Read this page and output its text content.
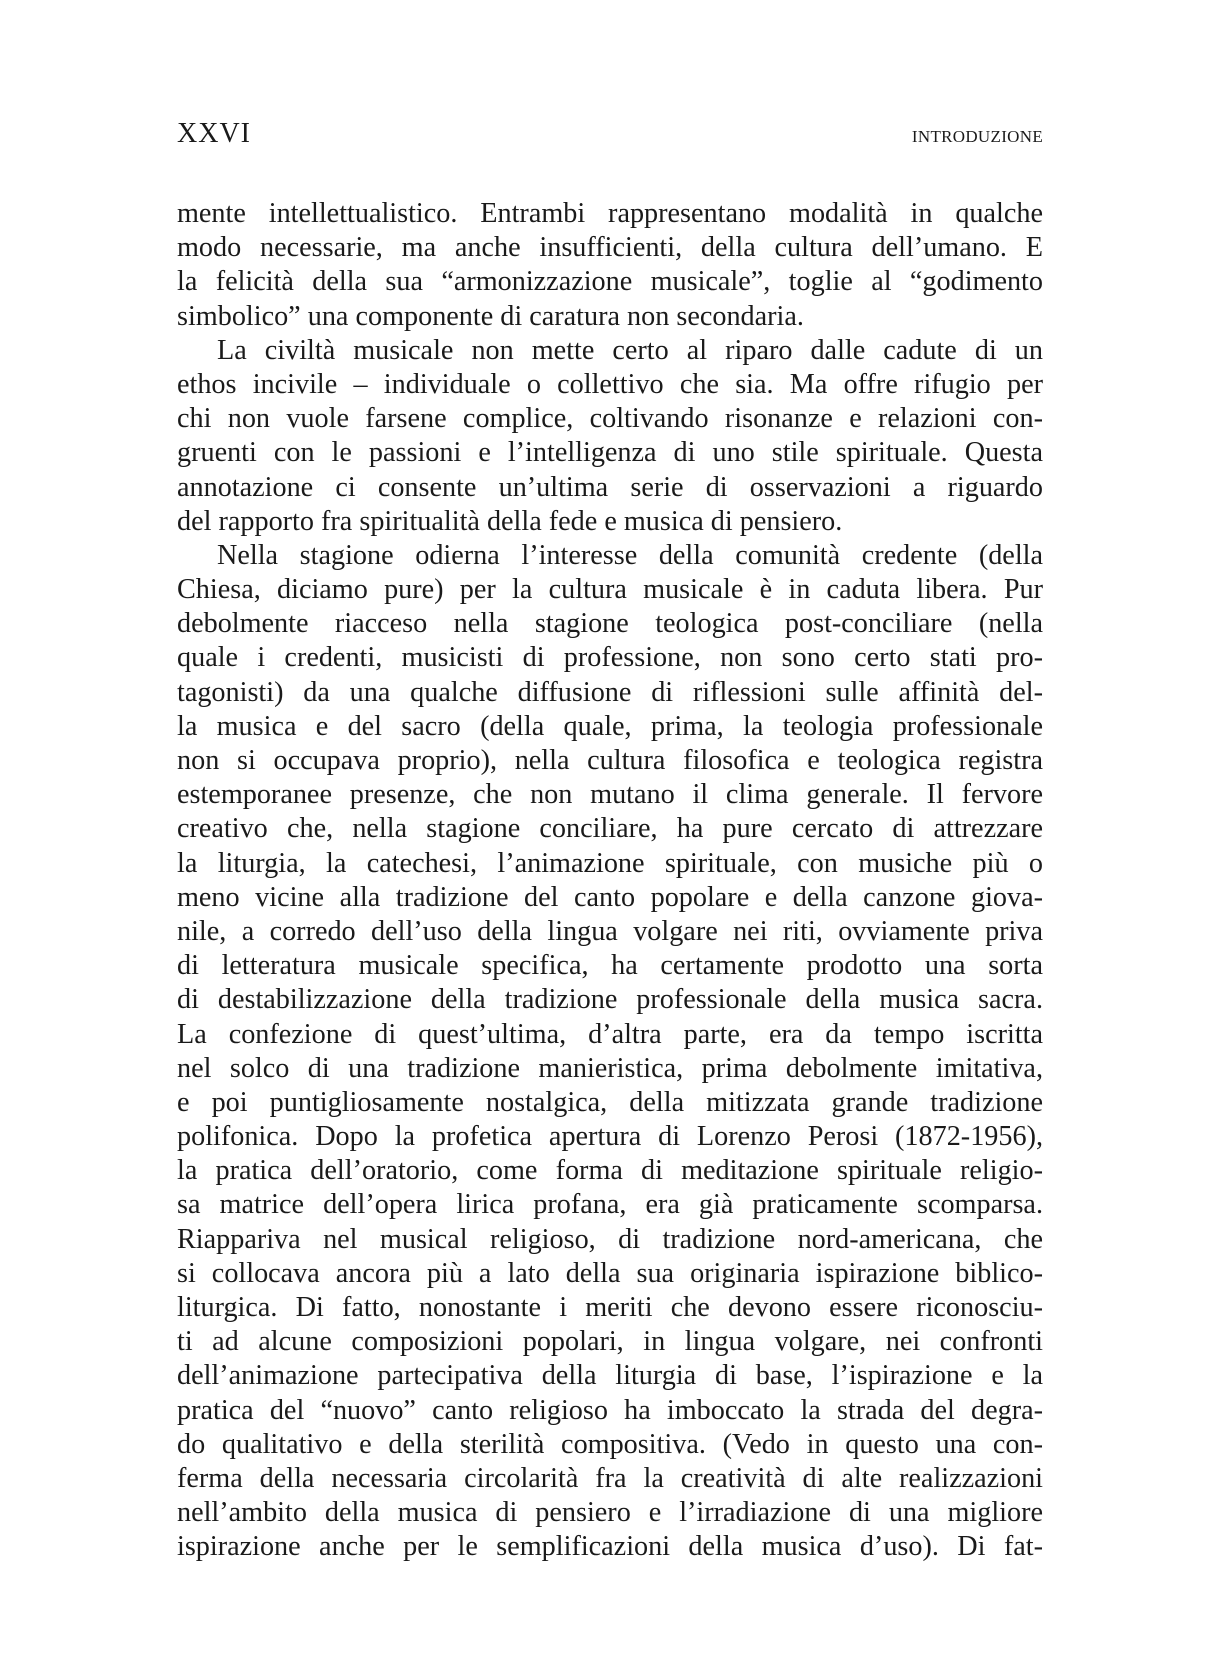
XXVI	INTRODUZIONE
mente intellettualistico. Entrambi rappresentano modalità in qualche
modo necessarie, ma anche insufficienti, della cultura dell’umano. E
la felicità della sua “armonizzazione musicale”, toglie al “godimento
simbolico” una componente di caratura non secondaria.
La civiltà musicale non mette certo al riparo dalle cadute di un
ethos incivile – individuale o collettivo che sia. Ma offre rifugio per
chi non vuole farsene complice, coltivando risonanze e relazioni con-
gruenti con le passioni e l’intelligenza di uno stile spirituale. Questa
annotazione ci consente un’ultima serie di osservazioni a riguardo
del rapporto fra spiritualità della fede e musica di pensiero.
Nella stagione odierna l’interesse della comunità credente (della
Chiesa, diciamo pure) per la cultura musicale è in caduta libera. Pur
debolmente riacceso nella stagione teologica post-conciliare (nella
quale i credenti, musicisti di professione, non sono certo stati pro-
tagonisti) da una qualche diffusione di riflessioni sulle affinità del-
la musica e del sacro (della quale, prima, la teologia professionale
non si occupava proprio), nella cultura filosofica e teologica registra
estemporanee presenze, che non mutano il clima generale. Il fervore
creativo che, nella stagione conciliare, ha pure cercato di attrezzare
la liturgia, la catechesi, l’animazione spirituale, con musiche più o
meno vicine alla tradizione del canto popolare e della canzone giova-
nile, a corredo dell’uso della lingua volgare nei riti, ovviamente priva
di letteratura musicale specifica, ha certamente prodotto una sorta
di destabilizzazione della tradizione professionale della musica sacra.
La confezione di quest’ultima, d’altra parte, era da tempo iscritta
nel solco di una tradizione manieristica, prima debolmente imitativa,
e poi puntigliosamente nostalgica, della mitizzata grande tradizione
polifonica. Dopo la profetica apertura di Lorenzo Perosi (1872-1956),
la pratica dell’oratorio, come forma di meditazione spirituale religio-
sa matrice dell’opera lirica profana, era già praticamente scomparsa.
Riappariva nel musical religioso, di tradizione nord-americana, che
si collocava ancora più a lato della sua originaria ispirazione biblico-
liturgica. Di fatto, nonostante i meriti che devono essere riconosciu-
ti ad alcune composizioni popolari, in lingua volgare, nei confronti
dell’animazione partecipativa della liturgia di base, l’ispirazione e la
pratica del “nuovo” canto religioso ha imboccato la strada del degra-
do qualitativo e della sterilità compositiva. (Vedo in questo una con-
ferma della necessaria circolarità fra la creatività di alte realizzazioni
nell’ambito della musica di pensiero e l’irradiazione di una migliore
ispirazione anche per le semplificazioni della musica d’uso). Di fat-
